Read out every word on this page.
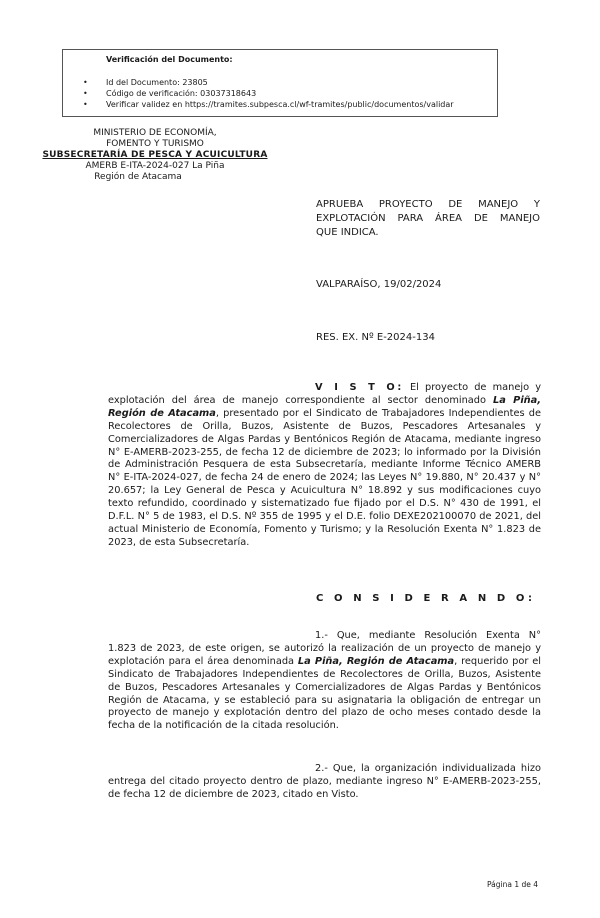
Verificación del Documento:
• Id del Documento: 23805
• Código de verificación: 03037318643
• Verificar validez en https://tramites.subpesca.cl/wf-tramites/public/documentos/validar
MINISTERIO DE ECONOMÍA,
FOMENTO Y TURISMO
SUBSECRETARÍA DE PESCA Y ACUICULTURA
AMERB E-ITA-2024-027 La Piña
Región de Atacama
APRUEBA PROYECTO DE MANEJO Y
EXPLOTACIÓN PARA ÁREA DE MANEJO
QUE INDICA.
VALPARAÍSO, 19/02/2024
RES. EX. Nº E-2024-134
V I S T O: El proyecto de manejo y explotación del área de manejo correspondiente al sector denominado La Piña, Región de Atacama, presentado por el Sindicato de Trabajadores Independientes de Recolectores de Orilla, Buzos, Asistente de Buzos, Pescadores Artesanales y Comercializadores de Algas Pardas y Bentónicos Región de Atacama, mediante ingreso N° E-AMERB-2023-255, de fecha 12 de diciembre de 2023; lo informado por la División de Administración Pesquera de esta Subsecretaría, mediante Informe Técnico AMERB N° E-ITA-2024-027, de fecha 24 de enero de 2024; las Leyes N° 19.880, N° 20.437 y N° 20.657; la Ley General de Pesca y Acuicultura N° 18.892 y sus modificaciones cuyo texto refundido, coordinado y sistematizado fue fijado por el D.S. N° 430 de 1991, el D.F.L. N° 5 de 1983, el D.S. Nº 355 de 1995 y el D.E. folio DEXE202100070 de 2021, del actual Ministerio de Economía, Fomento y Turismo; y la Resolución Exenta N° 1.823 de 2023, de esta Subsecretaría.
C O N S I D E R A N D O:
1.- Que, mediante Resolución Exenta N° 1.823 de 2023, de este origen, se autorizó la realización de un proyecto de manejo y explotación para el área denominada La Piña, Región de Atacama, requerido por el Sindicato de Trabajadores Independientes de Recolectores de Orilla, Buzos, Asistente de Buzos, Pescadores Artesanales y Comercializadores de Algas Pardas y Bentónicos Región de Atacama, y se estableció para su asignataria la obligación de entregar un proyecto de manejo y explotación dentro del plazo de ocho meses contado desde la fecha de la notificación de la citada resolución.
2.- Que, la organización individualizada hizo entrega del citado proyecto dentro de plazo, mediante ingreso N° E-AMERB-2023-255, de fecha 12 de diciembre de 2023, citado en Visto.
Página 1 de 4
